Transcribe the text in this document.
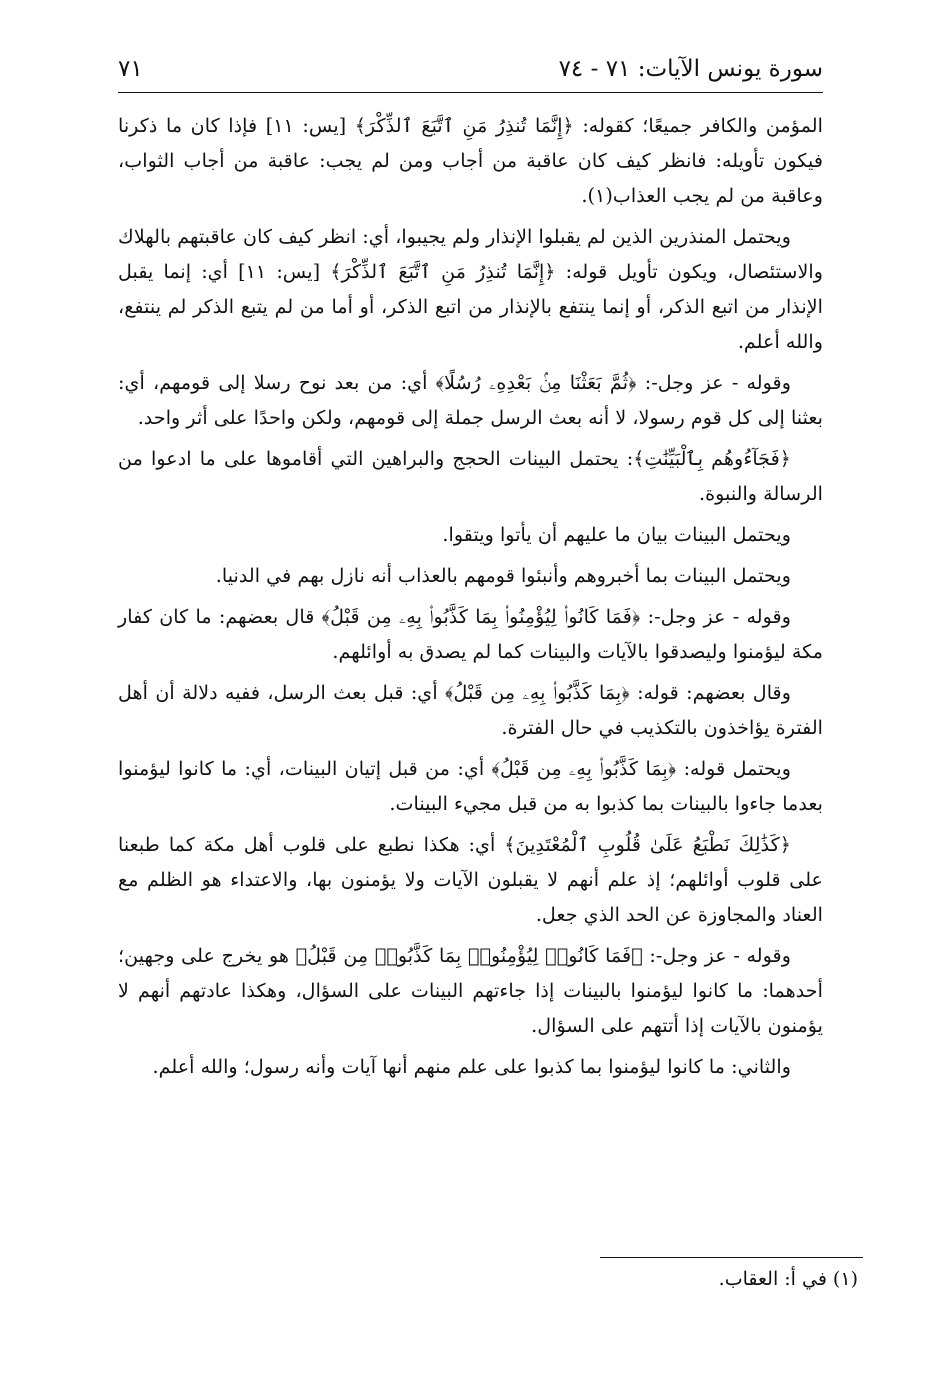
سورة يونس الآيات: ٧١ - ٧٤
٧١

المؤمن والكافر جميعًا؛ كقوله: ﴿إِنَّمَا تُنذِرُ مَنِ ٱتَّبَعَ ٱلذِّكْرَ﴾ [يس: ١١] فإذا كان ما ذكرنا فيكون تأويله: فانظر كيف كان عاقبة من أجاب ومن لم يجب: عاقبة من أجاب الثواب، وعاقبة من لم يجب العذاب(١).

ويحتمل المنذرين الذين لم يقبلوا الإنذار ولم يجيبوا، أي: انظر كيف كان عاقبتهم بالهلاك والاستئصال، ويكون تأويل قوله: ﴿إِنَّمَا تُنذِرُ مَنِ ٱتَّبَعَ ٱلذِّكْرَ﴾ [يس: ١١] أي: إنما يقبل الإنذار من اتبع الذكر، أو إنما ينتفع بالإنذار من اتبع الذكر، أو أما من لم يتبع الذكر لم ينتفع، والله أعلم.

وقوله - عز وجل-: ﴿ثُمَّ بَعَثْنَا مِنۢ بَعْدِهِۦ رُسُلًا﴾ أي: من بعد نوح رسلا إلى قومهم، أي: بعثنا إلى كل قوم رسولا، لا أنه بعث الرسل جملة إلى قومهم، ولكن واحدًا على أثر واحد.

﴿فَجَآءُوهُم بِٱلْبَيِّنَٰتِ﴾: يحتمل البينات الحجج والبراهين التي أقاموها على ما ادعوا من الرسالة والنبوة.

ويحتمل البينات بيان ما عليهم أن يأتوا ويتقوا.

ويحتمل البينات بما أخبروهم وأنبئوا قومهم بالعذاب أنه نازل بهم في الدنيا.

وقوله - عز وجل-: ﴿فَمَا كَانُوا۟ لِيُؤْمِنُوا۟ بِمَا كَذَّبُوا۟ بِهِۦ مِن قَبْلُ﴾ قال بعضهم: ما كان كفار مكة ليؤمنوا وليصدقوا بالآيات والبينات كما لم يصدق به أوائلهم.

وقال بعضهم: قوله: ﴿بِمَا كَذَّبُوا۟ بِهِۦ مِن قَبْلُ﴾ أي: قبل بعث الرسل، ففيه دلالة أن أهل الفترة يؤاخذون بالتكذيب في حال الفترة.

ويحتمل قوله: ﴿بِمَا كَذَّبُوا۟ بِهِۦ مِن قَبْلُ﴾ أي: من قبل إتيان البينات، أي: ما كانوا ليؤمنوا بعدما جاءوا بالبينات بما كذبوا به من قبل مجيء البينات.

﴿كَذَٰلِكَ نَطْبَعُ عَلَىٰ قُلُوبِ ٱلْمُعْتَدِينَ﴾ أي: هكذا نطبع على قلوب أهل مكة كما طبعنا على قلوب أوائلهم؛ إذ علم أنهم لا يقبلون الآيات ولا يؤمنون بها، والاعتداء هو الظلم مع العناد والمجاوزة عن الحد الذي جعل.

وقوله - عز وجل-: ﴿فَمَا كَانُوا۟ لِيُؤْمِنُوا۟ بِمَا كَذَّبُوا۟ مِن قَبْلُ﴾ هو يخرج على وجهين؛ أحدهما: ما كانوا ليؤمنوا بالبينات إذا جاءتهم البينات على السؤال، وهكذا عادتهم أنهم لا يؤمنون بالآيات إذا أتتهم على السؤال.

والثاني: ما كانوا ليؤمنوا بما كذبوا على علم منهم أنها آيات وأنه رسول؛ والله أعلم.

(١) في أ: العقاب.
